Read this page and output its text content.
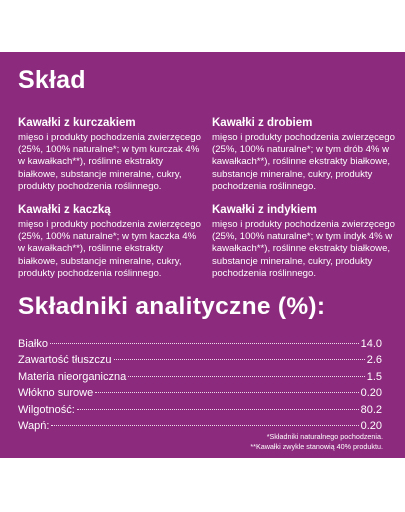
Skład
Kawałki z kurczakiem
mięso i produkty pochodzenia zwierzęcego (25%, 100% naturalne*; w tym kurczak 4% w kawałkach**), roślinne ekstrakty białkowe, substancje mineralne, cukry, produkty pochodzenia roślinnego.
Kawałki z kaczką
mięso i produkty pochodzenia zwierzęcego (25%, 100% naturalne*; w tym kaczka 4% w kawałkach**), roślinne ekstrakty białkowe, substancje mineralne, cukry, produkty pochodzenia roślinnego.
Kawałki z drobiem
mięso i produkty pochodzenia zwierzęcego (25%, 100% naturalne*; w tym drób 4% w kawałkach**), roślinne ekstrakty białkowe, substancje mineralne, cukry, produkty pochodzenia roślinnego.
Kawałki z indykiem
mięso i produkty pochodzenia zwierzęcego (25%, 100% naturalne*; w tym indyk 4% w kawałkach**), roślinne ekstrakty białkowe, substancje mineralne, cukry, produkty pochodzenia roślinnego.
Składniki analityczne (%):
Białko	14.0
Zawartość tłuszczu	2.6
Materia nieorganiczna	1.5
Włókno surowe	0.20
Wilgotność:	80.2
Wapń:	0.20
*Składniki naturalnego pochodzenia.
**Kawałki zwykle stanowią 40% produktu.
